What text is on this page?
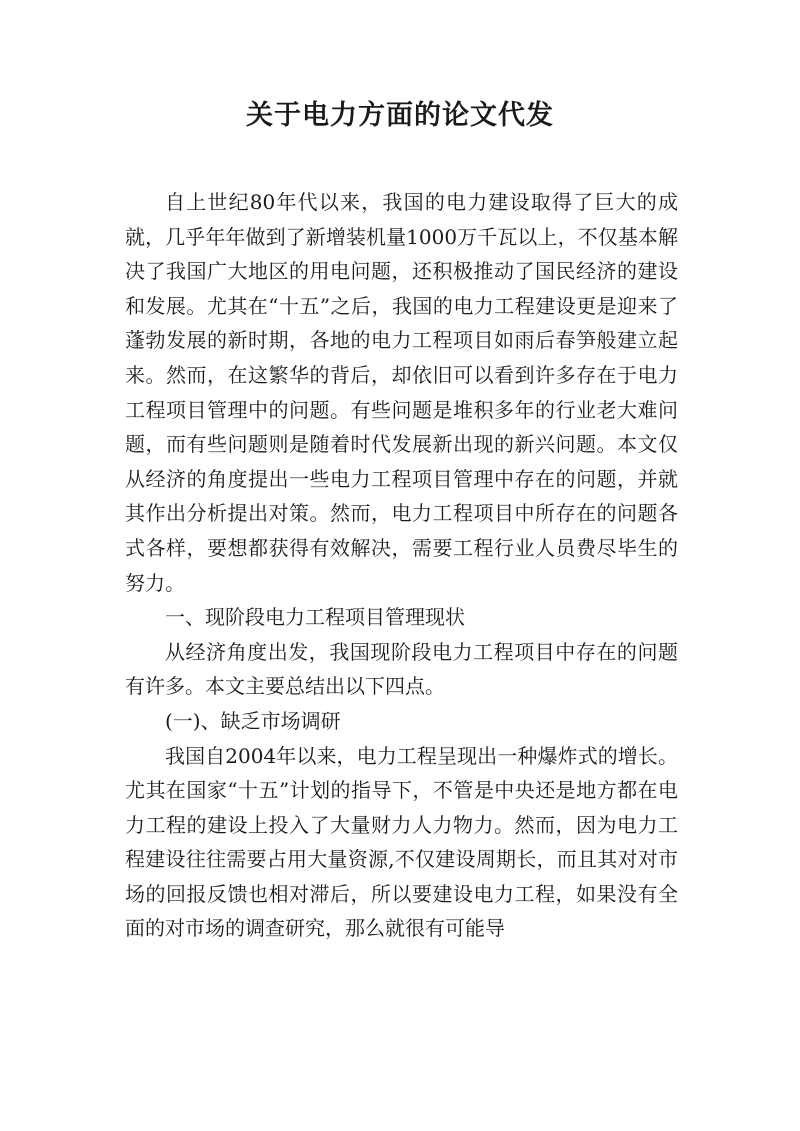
关于电力方面的论文代发

自上世纪80年代以来，我国的电力建设取得了巨大的成就，几乎年年做到了新增装机量1000万千瓦以上，不仅基本解决了我国广大地区的用电问题，还积极推动了国民经济的建设和发展。尤其在“十五”之后，我国的电力工程建设更是迎来了蓬勃发展的新时期，各地的电力工程项目如雨后春笋般建立起来。然而，在这繁华的背后，却依旧可以看到许多存在于电力工程项目管理中的问题。有些问题是堆积多年的行业老大难问题，而有些问题则是随着时代发展新出现的新兴问题。本文仅从经济的角度提出一些电力工程项目管理中存在的问题，并就其作出分析提出对策。然而，电力工程项目中所存在的问题各式各样，要想都获得有效解决，需要工程行业人员费尽毕生的努力。

一、现阶段电力工程项目管理现状

从经济角度出发，我国现阶段电力工程项目中存在的问题有许多。本文主要总结出以下四点。

(一)、缺乏市场调研

我国自2004年以来，电力工程呈现出一种爆炸式的增长。尤其在国家“十五”计划的指导下，不管是中央还是地方都在电力工程的建设上投入了大量财力人力物力。然而，因为电力工程建设往往需要占用大量资源,不仅建设周期长，而且其对对市场的回报反馈也相对滞后，所以要建设电力工程，如果没有全面的对市场的调查研究，那么就很有可能导
